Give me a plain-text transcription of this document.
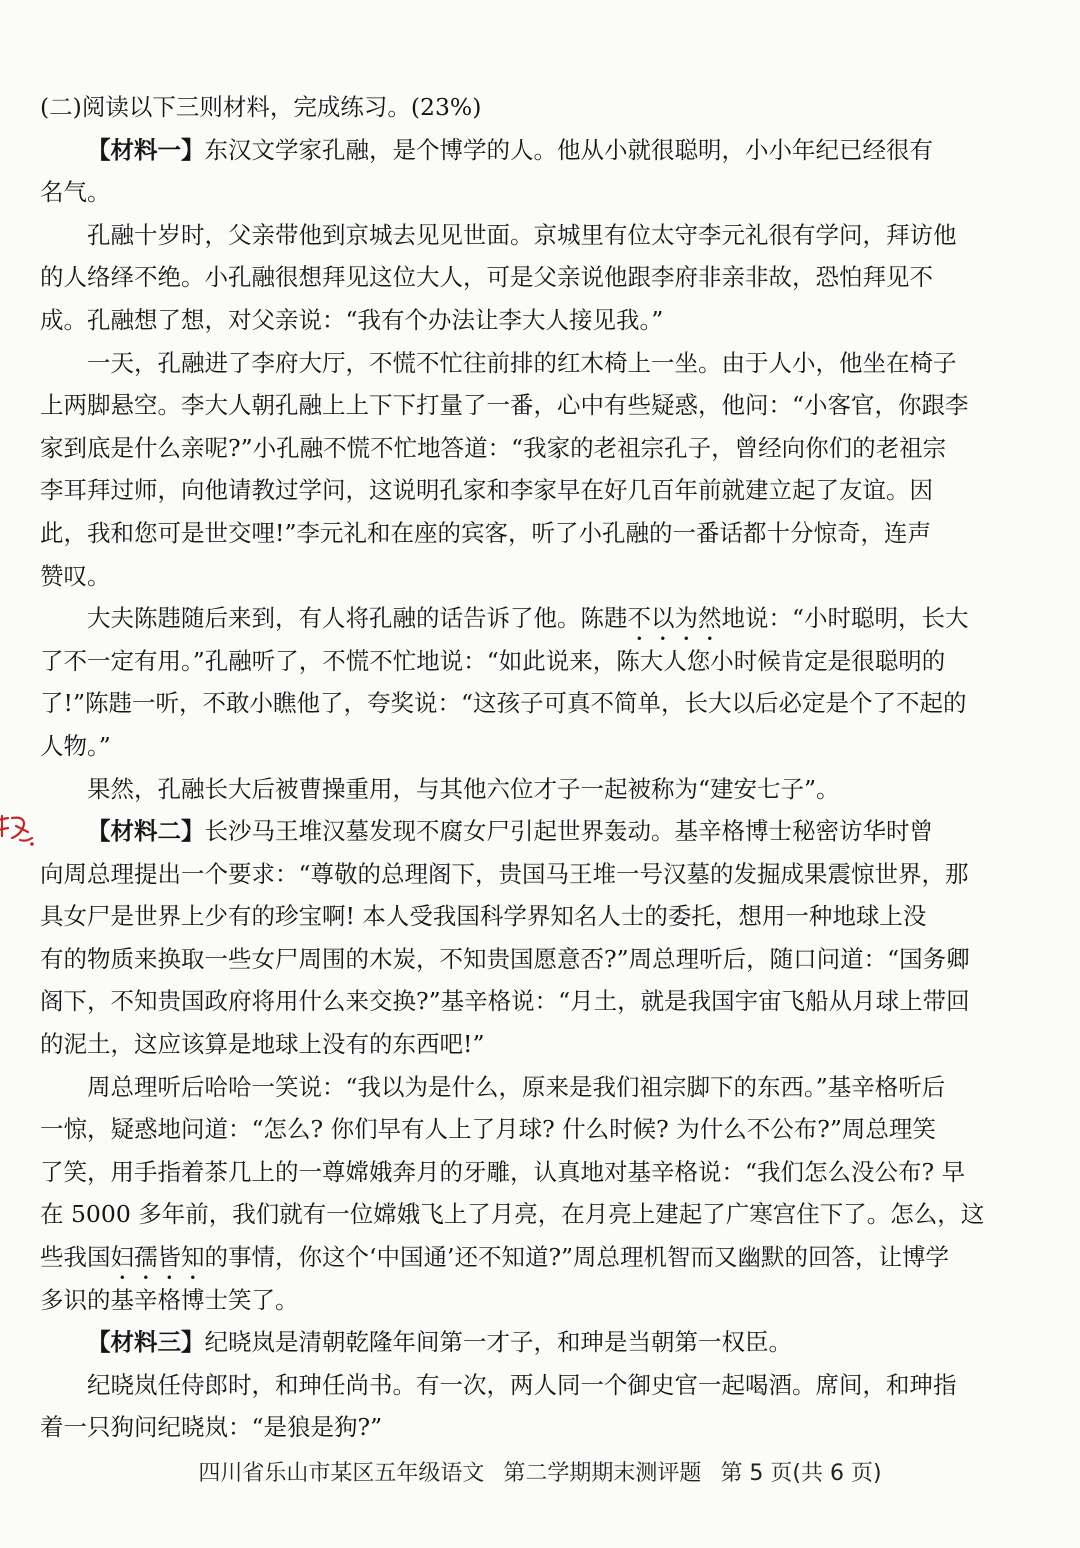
(二)阅读以下三则材料，完成练习。(23%)
【材料一】东汉文学家孔融，是个博学的人。他从小就很聪明，小小年纪已经很有
名气。
孔融十岁时，父亲带他到京城去见见世面。京城里有位太守李元礼很有学问，拜访他
的人络绎不绝。小孔融很想拜见这位大人，可是父亲说他跟李府非亲非故，恐怕拜见不
成。孔融想了想，对父亲说：“我有个办法让李大人接见我。”
一天，孔融进了李府大厅，不慌不忙往前排的红木椅上一坐。由于人小，他坐在椅子
上两脚悬空。李大人朝孔融上上下下打量了一番，心中有些疑惑，他问：“小客官，你跟李
家到底是什么亲呢?”小孔融不慌不忙地答道：“我家的老祖宗孔子，曾经向你们的老祖宗
李耳拜过师，向他请教过学问，这说明孔家和李家早在好几百年前就建立起了友谊。因
此，我和您可是世交哩!”李元礼和在座的宾客，听了小孔融的一番话都十分惊奇，连声
赞叹。
大夫陈韪随后来到，有人将孔融的话告诉了他。陈韪不以为然地说：“小时聪明，长大
了不一定有用。”孔融听了，不慌不忙地说：“如此说来，陈大人您小时候肯定是很聪明的
了!”陈韪一听，不敢小瞧他了，夸奖说：“这孩子可真不简单，长大以后必定是个了不起的
人物。”
果然，孔融长大后被曹操重用，与其他六位才子一起被称为“建安七子”。
【材料二】长沙马王堆汉墓发现不腐女尸引起世界轰动。基辛格博士秘密访华时曾
向周总理提出一个要求：“尊敬的总理阁下，贵国马王堆一号汉墓的发掘成果震惊世界，那
具女尸是世界上少有的珍宝啊! 本人受我国科学界知名人士的委托，想用一种地球上没
有的物质来换取一些女尸周围的木炭，不知贵国愿意否?”周总理听后，随口问道：“国务卿
阁下，不知贵国政府将用什么来交换?”基辛格说：“月土，就是我国宇宙飞船从月球上带回
的泥土，这应该算是地球上没有的东西吧!”
周总理听后哈哈一笑说：“我以为是什么，原来是我们祖宗脚下的东西。”基辛格听后
一惊，疑惑地问道：“怎么? 你们早有人上了月球? 什么时候? 为什么不公布?”周总理笑
了笑，用手指着茶几上的一尊嫦娥奔月的牙雕，认真地对基辛格说：“我们怎么没公布? 早
在 5000 多年前，我们就有一位嫦娥飞上了月亮，在月亮上建起了广寒宫住下了。怎么，这
些我国妇孺皆知的事情，你这个‘中国通’还不知道?”周总理机智而又幽默的回答，让博学
多识的基辛格博士笑了。
【材料三】纪晓岚是清朝乾隆年间第一才子，和珅是当朝第一权臣。
纪晓岚任侍郎时，和珅任尚书。有一次，两人同一个御史官一起喝酒。席间，和珅指
着一只狗问纪晓岚：“是狼是狗?”
四川省乐山市某区五年级语文 第二学期期末测评题 第 5 页(共 6 页)
